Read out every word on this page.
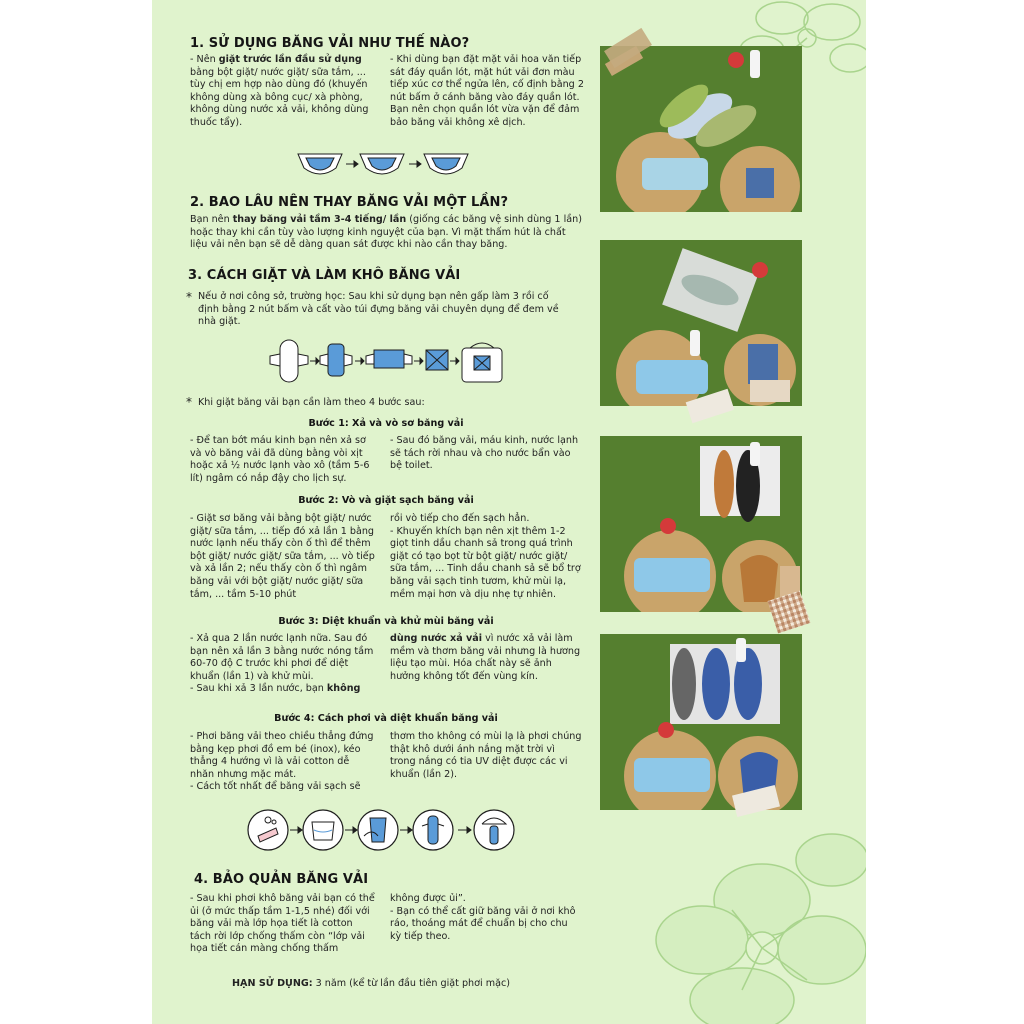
1. SỬ DỤNG BĂNG VẢI NHƯ THẾ NÀO?
- Nên giặt trước lần đầu sử dụng bằng bột giặt/ nước giặt/ sữa tắm, ... tùy chị em hợp nào dùng đó (khuyến không dùng xà bông cục/ xà phòng, không dùng nước xả vải, không dùng thuốc tẩy).
- Khi dùng bạn đặt mặt vải hoa văn tiếp sát đáy quần lót, mặt hút vải đơn màu tiếp xúc cơ thể ngửa lên, cố định bằng 2 nút bấm ở cánh băng vào đáy quần lót. Bạn nên chọn quần lót vừa vặn để đảm bảo băng vải không xê dịch.
2. BAO LÂU NÊN THAY BĂNG VẢI MỘT LẦN?
Bạn nên thay băng vải tầm 3-4 tiếng/ lần (giống các băng vệ sinh dùng 1 lần) hoặc thay khi cần tùy vào lượng kinh nguyệt của bạn. Vì mặt thấm hút là chất liệu vải nên bạn sẽ dễ dàng quan sát được khi nào cần thay băng.
3. CÁCH GIẶT VÀ LÀM KHÔ BĂNG VẢI
* Nếu ở nơi công sở, trường học: Sau khi sử dụng bạn nên gấp làm 3 rồi cố định bằng 2 nút bấm và cất vào túi đựng băng vải chuyên dụng để đem về nhà giặt.
* Khi giặt băng vải bạn cần làm theo 4 bước sau:
Bước 1: Xả và vò sơ băng vải
- Để tan bớt máu kinh bạn nên xả sơ và vò băng vải đã dùng bằng vòi xịt hoặc xả ½ nước lạnh vào xô (tầm 5-6 lít) ngâm có nắp đậy cho lịch sự.
- Sau đó băng vải, máu kinh, nước lạnh sẽ tách rời nhau và cho nước bẩn vào bệ toilet.
Bước 2: Vò và giặt sạch băng vải
- Giặt sơ băng vải bằng bột giặt/ nước giặt/ sữa tắm, ... tiếp đó xả lần 1 bằng nước lạnh nếu thấy còn ố thì để thêm bột giặt/ nước giặt/ sữa tắm, ... vò tiếp và xả lần 2; nếu thấy còn ố thì ngâm băng vải với bột giặt/ nước giặt/ sữa tắm, ... tầm 5-10 phút
rồi vò tiếp cho đến sạch hẳn.
- Khuyến khích bạn nên xịt thêm 1-2 giọt tinh dầu chanh sả trong quá trình giặt có tạo bọt từ bột giặt/ nước giặt/ sữa tắm, ... Tinh dầu chanh sả sẽ bổ trợ băng vải sạch tinh tươm, khử mùi lạ, mềm mại hơn và dịu nhẹ tự nhiên.
Bước 3: Diệt khuẩn và khử mùi băng vải
- Xả qua 2 lần nước lạnh nữa. Sau đó bạn nên xả lần 3 bằng nước nóng tầm 60-70 độ C trước khi phơi để diệt khuẩn (lần 1) và khử mùi.
- Sau khi xả 3 lần nước, bạn không
dùng nước xả vải vì nước xả vải làm mềm và thơm băng vải nhưng là hương liệu tạo mùi. Hóa chất này sẽ ảnh hưởng không tốt đến vùng kín.
Bước 4: Cách phơi và diệt khuẩn băng vải
- Phơi băng vải theo chiều thẳng đứng bằng kẹp phơi đồ em bé (inox), kéo thẳng 4 hướng vì là vải cotton dễ nhăn nhưng mặc mát.
- Cách tốt nhất để băng vải sạch sẽ
thơm tho không có mùi lạ là phơi chúng thật khô dưới ánh nắng mặt trời vì trong nắng có tia UV diệt được các vi khuẩn (lần 2).
4. BẢO QUẢN BĂNG VẢI
- Sau khi phơi khô băng vải bạn có thể ủi (ở mức thấp tầm 1-1,5 nhé) đối với băng vải mà lớp họa tiết là cotton tách rời lớp chống thấm còn “lớp vải họa tiết cán màng chống thấm
không được ủi”.
- Bạn có thể cất giữ băng vải ở nơi khô ráo, thoáng mát để chuẩn bị cho chu kỳ tiếp theo.
HẠN SỬ DỤNG: 3 năm (kể từ lần đầu tiên giặt phơi mặc)
